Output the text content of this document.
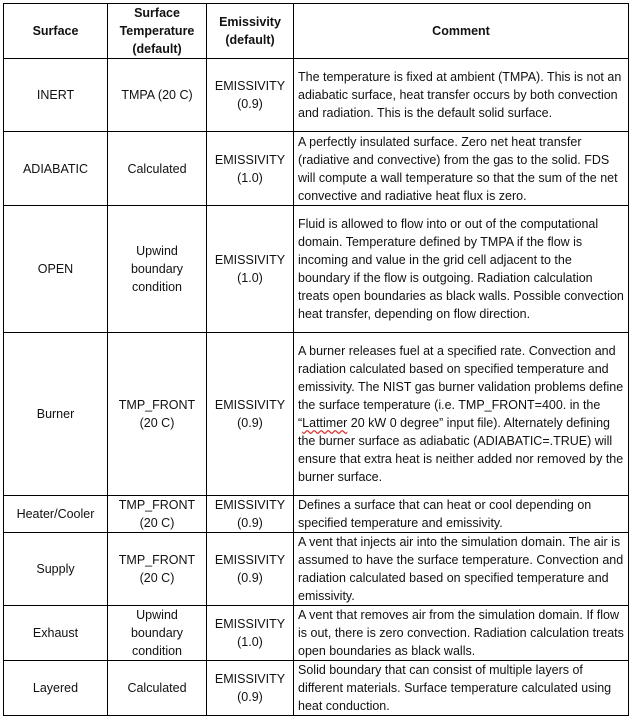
Surface	Surface Temperature (default)	Emissivity (default)	Comment
INERT	TMPA (20 C)	EMISSIVITY (0.9)	The temperature is fixed at ambient (TMPA). This is not an adiabatic surface, heat transfer occurs by both convection and radiation. This is the default solid surface.
ADIABATIC	Calculated	EMISSIVITY (1.0)	A perfectly insulated surface. Zero net heat transfer (radiative and convective) from the gas to the solid. FDS will compute a wall temperature so that the sum of the net convective and radiative heat flux is zero.
OPEN	Upwind boundary condition	EMISSIVITY (1.0)	Fluid is allowed to flow into or out of the computational domain. Temperature defined by TMPA if the flow is incoming and value in the grid cell adjacent to the boundary if the flow is outgoing. Radiation calculation treats open boundaries as black walls. Possible convection heat transfer, depending on flow direction.
Burner	TMP_FRONT (20 C)	EMISSIVITY (0.9)	A burner releases fuel at a specified rate. Convection and radiation calculated based on specified temperature and emissivity. The NIST gas burner validation problems define the surface temperature (i.e. TMP_FRONT=400. in the “Lattimer 20 kW 0 degree” input file). Alternately defining the burner surface as adiabatic (ADIABATIC=.TRUE) will ensure that extra heat is neither added nor removed by the burner surface.
Heater/Cooler	TMP_FRONT (20 C)	EMISSIVITY (0.9)	Defines a surface that can heat or cool depending on specified temperature and emissivity.
Supply	TMP_FRONT (20 C)	EMISSIVITY (0.9)	A vent that injects air into the simulation domain. The air is assumed to have the surface temperature. Convection and radiation calculated based on specified temperature and emissivity.
Exhaust	Upwind boundary condition	EMISSIVITY (1.0)	A vent that removes air from the simulation domain. If flow is out, there is zero convection. Radiation calculation treats open boundaries as black walls.
Layered	Calculated	EMISSIVITY (0.9)	Solid boundary that can consist of multiple layers of different materials. Surface temperature calculated using heat conduction.
